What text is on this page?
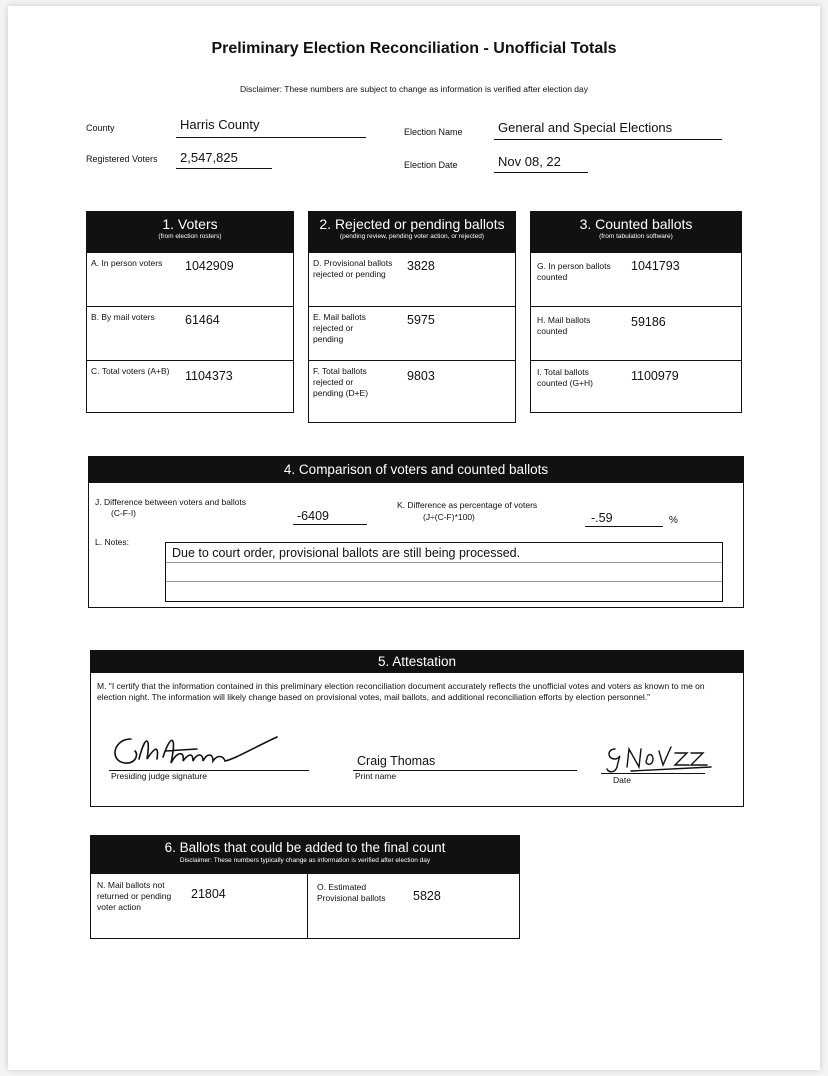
Preliminary Election Reconciliation - Unofficial Totals
Disclaimer: These numbers are subject to change as information is verified after election day
County	Harris County
Registered Voters 2,547,825
Election Name	General and Special Elections
Election Date	Nov 08, 22
1. Voters
(from election rosters)
A. In person voters	1042909
B. By mail voters	61464
C. Total voters (A+B) 1104373
2. Rejected or pending ballots
(pending review, pending voter action, or rejected)
D. Provisional ballots rejected or pending
3828
E. Mail ballots rejected or pending
5975
F. Total ballots rejected or pending (D+E)
9803
3. Counted ballots
(from tabulation software)
G. In person ballots counted
1041793
H. Mail ballots counted
59186
I. Total ballots counted (G+H)	1100979
4. Comparison of voters and counted ballots
J. Difference between voters and ballots
(C-F-I)	-6409
K. Difference as percentage of voters
(J÷(C-F)*100)	-.59	%
L. Notes:
Due to court order, provisional ballots are still being processed.
5. Attestation
M. "I certify that the information contained in this preliminary election reconciliation document accurately reflects the unofficial votes and voters as known to me on election night. The information will likely change based on provisional votes, mail ballots, and additional reconciliation efforts by election personnel."
Presiding judge signature
Craig Thomas
Print name	Date
6. Ballots that could be added to the final count
Disclaimer: These numbers typically change as information is verified after election day
N. Mail ballots not returned or pending voter action
21804	O. Estimated Provisional ballots 5828
